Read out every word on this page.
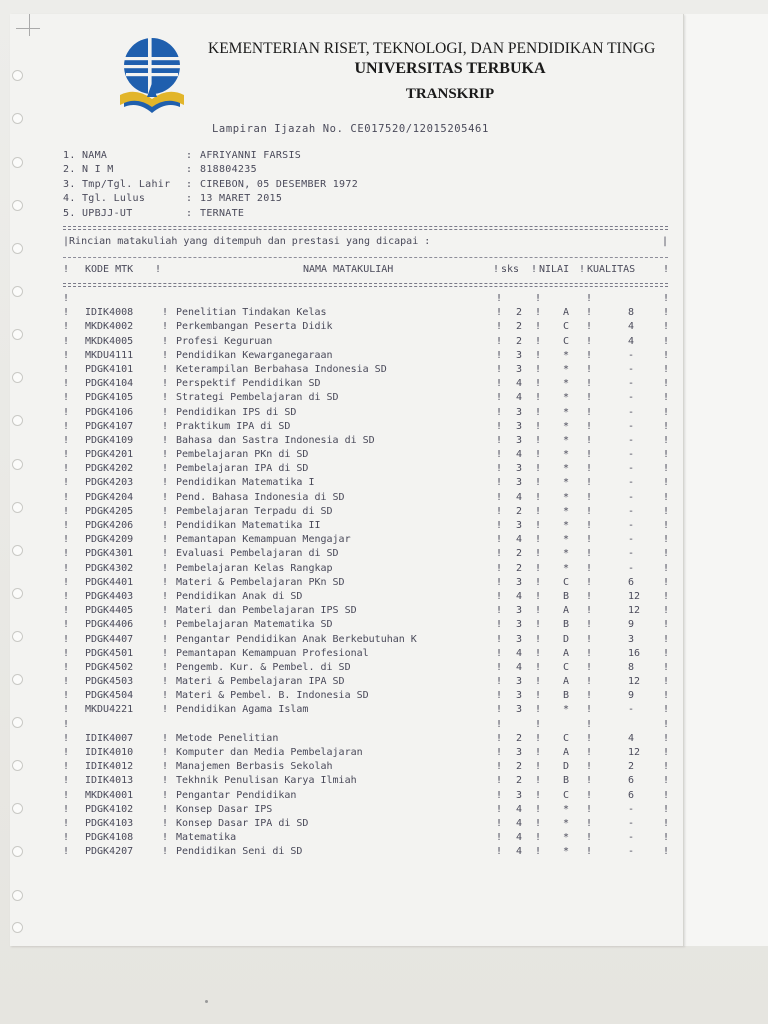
KEMENTERIAN RISET, TEKNOLOGI, DAN PENDIDIKAN TINGG
UNIVERSITAS TERBUKA
TRANSKRIP
Lampiran Ijazah No. CE017520/12015205461
1. NAMA	: AFRIYANNI FARSIS
2. N I M	: 818804235
3. Tmp/Tgl. Lahir : CIREBON, 05 DESEMBER 1972
4. Tgl. Lulus	: 13 MARET 2015
5. UPBJJ-UT	: TERNATE
|Rincian matakuliah yang ditempuh dan prestasi yang dicapai :	|
! KODE MTK !	NAMA MATAKULIAH	! sks ! NILAI ! KUALITAS	!
!	!	!	!	!
! IDIK4008	! Penelitian Tindakan Kelas	! 2 ! A !	8	!
! MKDK4002	! Perkembangan Peserta Didik	! 2 ! C !	4	!
! MKDK4005	! Profesi Keguruan	! 2 ! C !	4	!
! MKDU4111	! Pendidikan Kewarganegaraan	! 3 ! * !	-	!
! PDGK4101	! Keterampilan Berbahasa Indonesia SD	! 3 ! * !	-	!
! PDGK4104	! Perspektif Pendidikan SD	! 4 ! * !	-	!
! PDGK4105	! Strategi Pembelajaran di SD	! 4 ! * !	-	!
! PDGK4106	! Pendidikan IPS di SD	! 3 ! * !	-	!
! PDGK4107	! Praktikum IPA di SD	! 3 ! * !	-	!
! PDGK4109	! Bahasa dan Sastra Indonesia di SD	! 3 ! * !	-	!
! PDGK4201	! Pembelajaran PKn di SD	! 4 ! * !	-	!
! PDGK4202	! Pembelajaran IPA di SD	! 3 ! * !	-	!
! PDGK4203	! Pendidikan Matematika I	! 3 ! * !	-	!
! PDGK4204	! Pend. Bahasa Indonesia di SD	! 4 ! * !	-	!
! PDGK4205	! Pembelajaran Terpadu di SD	! 2 ! * !	-	!
! PDGK4206	! Pendidikan Matematika II	! 3 ! * !	-	!
! PDGK4209	! Pemantapan Kemampuan Mengajar	! 4 ! * !	-	!
! PDGK4301	! Evaluasi Pembelajaran di SD	! 2 ! * !	-	!
! PDGK4302	! Pembelajaran Kelas Rangkap	! 2 ! * !	-	!
! PDGK4401	! Materi & Pembelajaran PKn SD	! 3 ! C !	6	!
! PDGK4403	! Pendidikan Anak di SD	! 4 ! B !	12 !
! PDGK4405	! Materi dan Pembelajaran IPS SD	! 3 ! A !	12 !
! PDGK4406	! Pembelajaran Matematika SD	! 3 ! B !	9	!
! PDGK4407	! Pengantar Pendidikan Anak Berkebutuhan K	! 3 ! D !	3	!
! PDGK4501	! Pemantapan Kemampuan Profesional	! 4 ! A !	16 !
! PDGK4502	! Pengemb. Kur. & Pembel. di SD	! 4 ! C !	8	!
! PDGK4503	! Materi & Pembelajaran IPA SD	! 3 ! A !	12 !
! PDGK4504	! Materi & Pembel. B. Indonesia SD	! 3 ! B !	9	!
! MKDU4221	! Pendidikan Agama Islam	! 3 ! * !	-	!
!	!	!	!	!
! IDIK4007	! Metode Penelitian	! 2 ! C !	4	!
! IDIK4010	! Komputer dan Media Pembelajaran	! 3 ! A !	12 !
! IDIK4012	! Manajemen Berbasis Sekolah	! 2 ! D !	2	!
! IDIK4013	! Tekhnik Penulisan Karya Ilmiah	! 2 ! B !	6	!
! MKDK4001	! Pengantar Pendidikan	! 3 ! C !	6	!
! PDGK4102	! Konsep Dasar IPS	! 4 ! * !	-	!
! PDGK4103	! Konsep Dasar IPA di SD	! 4 ! * !	-	!
! PDGK4108	! Matematika	! 4 ! * !	-	!
! PDGK4207	! Pendidikan Seni di SD	! 4 ! * !	-	!
